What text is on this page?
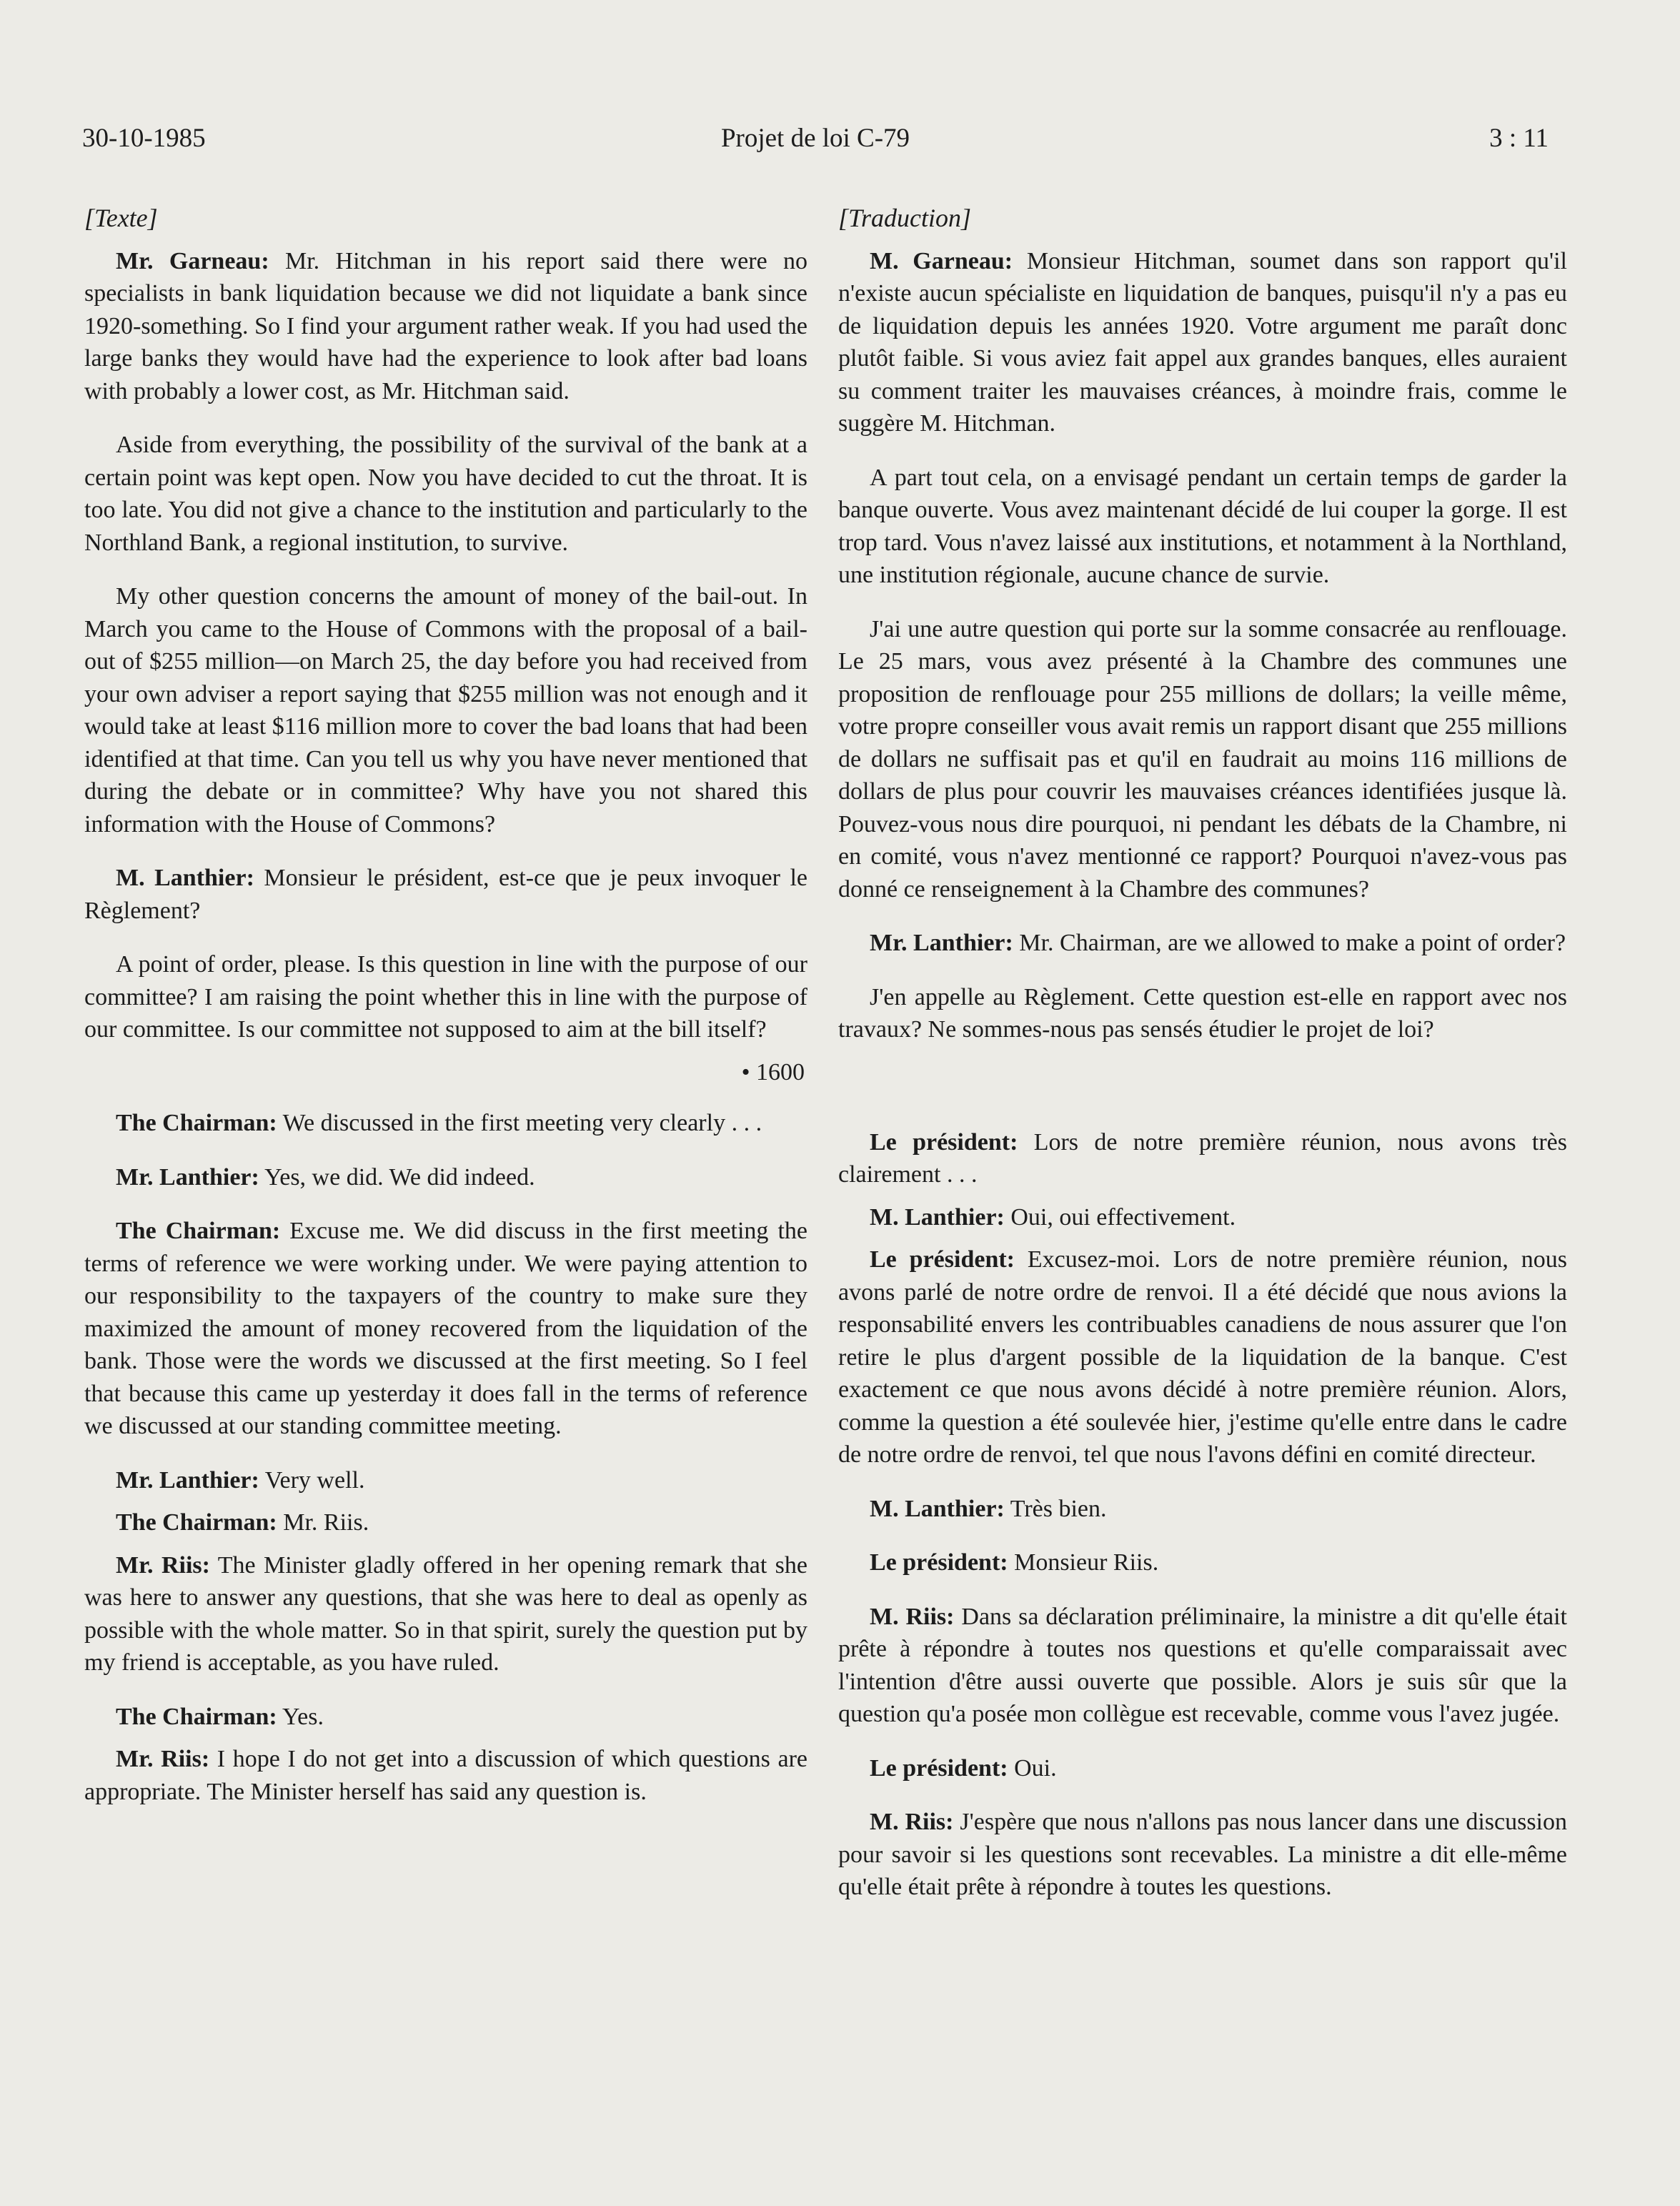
Projet de loi C-79
30-10-1985	3 : 11
[Texte]

Mr. Garneau: Mr. Hitchman in his report said there were no specialists in bank liquidation because we did not liquidate a bank since 1920-something. So I find your argument rather weak. If you had used the large banks they would have had the experience to look after bad loans with probably a lower cost, as Mr. Hitchman said.

Aside from everything, the possibility of the survival of the bank at a certain point was kept open. Now you have decided to cut the throat. It is too late. You did not give a chance to the institution and particularly to the Northland Bank, a regional institution, to survive.

My other question concerns the amount of money of the bail-out. In March you came to the House of Commons with the proposal of a bail-out of $255 million—on March 25, the day before you had received from your own adviser a report saying that $255 million was not enough and it would take at least $116 million more to cover the bad loans that had been identified at that time. Can you tell us why you have never mentioned that during the debate or in committee? Why have you not shared this information with the House of Commons?

M. Lanthier: Monsieur le président, est-ce que je peux invoquer le Règlement?

A point of order, please. Is this question in line with the purpose of our committee? I am raising the point whether this in line with the purpose of our committee. Is our committee not supposed to aim at the bill itself?

• 1600

The Chairman: We discussed in the first meeting very clearly . . .

Mr. Lanthier: Yes, we did. We did indeed.

The Chairman: Excuse me. We did discuss in the first meeting the terms of reference we were working under. We were paying attention to our responsibility to the taxpayers of the country to make sure they maximized the amount of money recovered from the liquidation of the bank. Those were the words we discussed at the first meeting. So I feel that because this came up yesterday it does fall in the terms of reference we discussed at our standing committee meeting.

Mr. Lanthier: Very well.

The Chairman: Mr. Riis.

Mr. Riis: The Minister gladly offered in her opening remark that she was here to answer any questions, that she was here to deal as openly as possible with the whole matter. So in that spirit, surely the question put by my friend is acceptable, as you have ruled.

The Chairman: Yes.

Mr. Riis: I hope I do not get into a discussion of which questions are appropriate. The Minister herself has said any question is.

[Traduction]

M. Garneau: Monsieur Hitchman, soumet dans son rapport qu'il n'existe aucun spécialiste en liquidation de banques, puisqu'il n'y a pas eu de liquidation depuis les années 1920. Votre argument me paraît donc plutôt faible. Si vous aviez fait appel aux grandes banques, elles auraient su comment traiter les mauvaises créances, à moindre frais, comme le suggère M. Hitchman.

A part tout cela, on a envisagé pendant un certain temps de garder la banque ouverte. Vous avez maintenant décidé de lui couper la gorge. Il est trop tard. Vous n'avez laissé aux institutions, et notamment à la Northland, une institution régionale, aucune chance de survie.

J'ai une autre question qui porte sur la somme consacrée au renflouage. Le 25 mars, vous avez présenté à la Chambre des communes une proposition de renflouage pour 255 millions de dollars; la veille même, votre propre conseiller vous avait remis un rapport disant que 255 millions de dollars ne suffisait pas et qu'il en faudrait au moins 116 millions de dollars de plus pour couvrir les mauvaises créances identifiées jusque là. Pouvez-vous nous dire pourquoi, ni pendant les débats de la Chambre, ni en comité, vous n'avez mentionné ce rapport? Pourquoi n'avez-vous pas donné ce renseignement à la Chambre des communes?

Mr. Lanthier: Mr. Chairman, are we allowed to make a point of order?

J'en appelle au Règlement. Cette question est-elle en rapport avec nos travaux? Ne sommes-nous pas sensés étudier le projet de loi?

Le président: Lors de notre première réunion, nous avons très clairement . . .

M. Lanthier: Oui, oui effectivement.

Le président: Excusez-moi. Lors de notre première réunion, nous avons parlé de notre ordre de renvoi. Il a été décidé que nous avions la responsabilité envers les contribuables canadiens de nous assurer que l'on retire le plus d'argent possible de la liquidation de la banque. C'est exactement ce que nous avons décidé à notre première réunion. Alors, comme la question a été soulevée hier, j'estime qu'elle entre dans le cadre de notre ordre de renvoi, tel que nous l'avons défini en comité directeur.

M. Lanthier: Très bien.

Le président: Monsieur Riis.

M. Riis: Dans sa déclaration préliminaire, la ministre a dit qu'elle était prête à répondre à toutes nos questions et qu'elle comparaissait avec l'intention d'être aussi ouverte que possible. Alors je suis sûr que la question qu'a posée mon collègue est recevable, comme vous l'avez jugée.

Le président: Oui.

M. Riis: J'espère que nous n'allons pas nous lancer dans une discussion pour savoir si les questions sont recevables. La ministre a dit elle-même qu'elle était prête à répondre à toutes les questions.
